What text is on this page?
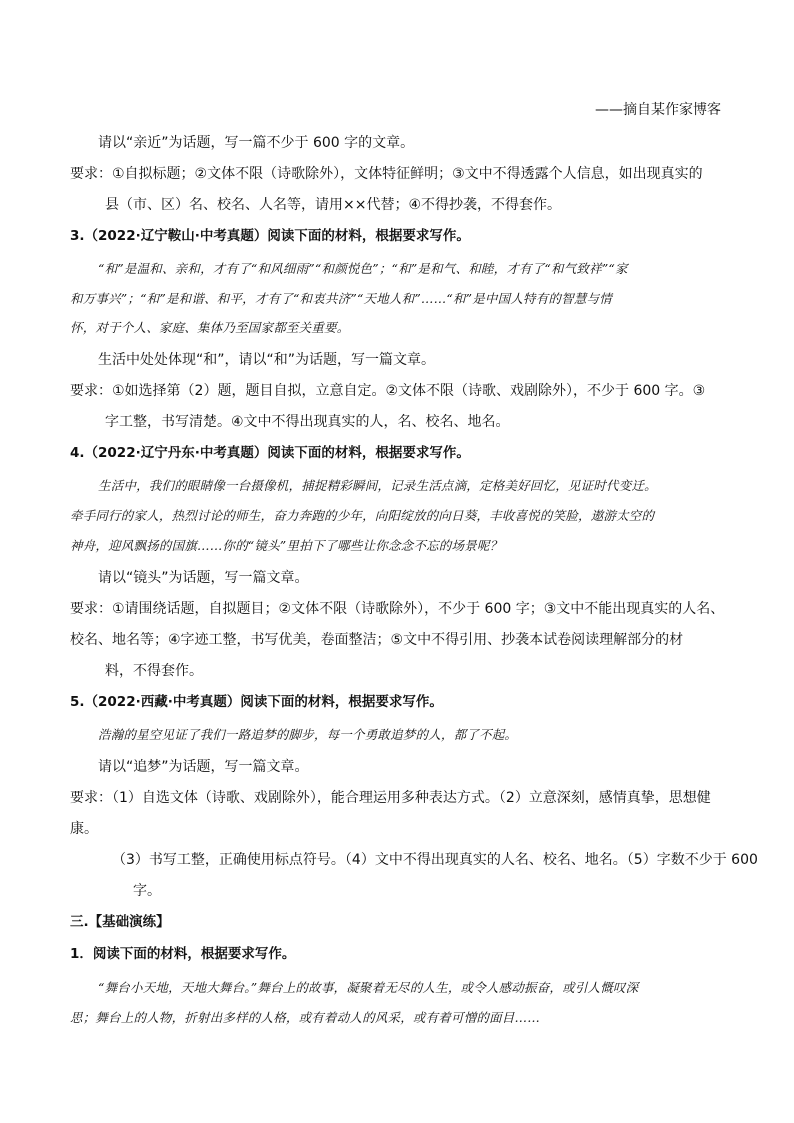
——摘自某作家博客
请以“亲近”为话题，写一篇不少于 600 字的文章。
要求：①自拟标题；②文体不限（诗歌除外），文体特征鲜明；③文中不得透露个人信息，如出现真实的
县（市、区）名、校名、人名等，请用××代替；④不得抄袭，不得套作。
3.（2022·辽宁鞍山·中考真题）阅读下面的材料，根据要求写作。
“和”是温和、亲和，才有了“和风细雨”“和颜悦色”；“和”是和气、和睦，才有了“和气致祥”“家
和万事兴”；“和”是和谐、和平，才有了“和衷共济”“天地人和”……“和”是中国人特有的智慧与情
怀，对于个人、家庭、集体乃至国家都至关重要。
生活中处处体现“和”，请以“和”为话题，写一篇文章。
要求：①如选择第（2）题，题目自拟，立意自定。②文体不限（诗歌、戏剧除外），不少于 600 字。③
字工整，书写清楚。④文中不得出现真实的人，名、校名、地名。
4.（2022·辽宁丹东·中考真题）阅读下面的材料，根据要求写作。
生活中，我们的眼睛像一台摄像机，捕捉精彩瞬间，记录生活点滴，定格美好回忆，见证时代变迁。
牵手同行的家人，热烈讨论的师生，奋力奔跑的少年，向阳绽放的向日葵，丰收喜悦的笑脸，遨游太空的
神舟，迎风飘扬的国旗……你的“镜头”里拍下了哪些让你念念不忘的场景呢？
请以“镜头”为话题，写一篇文章。
要求：①请围绕话题，自拟题目；②文体不限（诗歌除外），不少于 600 字；③文中不能出现真实的人名、
校名、地名等；④字迹工整，书写优美，卷面整洁；⑤文中不得引用、抄袭本试卷阅读理解部分的材
料，不得套作。
5.（2022·西藏·中考真题）阅读下面的材料，根据要求写作。
浩瀚的星空见证了我们一路追梦的脚步，每一个勇敢追梦的人，都了不起。
请以“追梦”为话题，写一篇文章。
要求：（1）自选文体（诗歌、戏剧除外），能合理运用多种表达方式。（2）立意深刻，感情真挚，思想健
康。
（3）书写工整，正确使用标点符号。（4）文中不得出现真实的人名、校名、地名。（5）字数不少于 600
字。
三.【基础演练】
1．阅读下面的材料，根据要求写作。
“舞台小天地，天地大舞台。”舞台上的故事，凝聚着无尽的人生，或令人感动振奋，或引人慨叹深
思；舞台上的人物，折射出多样的人格，或有着动人的风采，或有着可憎的面目……
